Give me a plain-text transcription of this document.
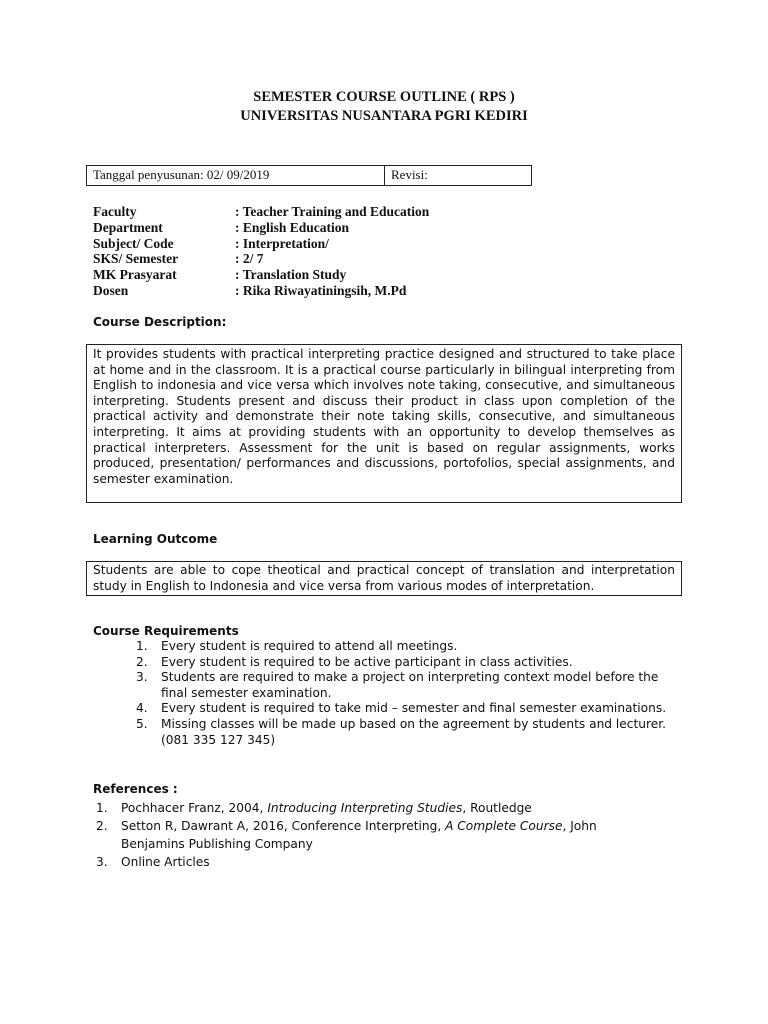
SEMESTER COURSE OUTLINE ( RPS )
UNIVERSITAS NUSANTARA PGRI KEDIRI
Tanggal penyusunan: 02/ 09/2019	Revisi:
Faculty	: Teacher Training and Education
Department	: English Education
Subject/ Code	: Interpretation/
SKS/ Semester	: 2/ 7
MK Prasyarat	: Translation Study
Dosen	: Rika Riwayatiningsih, M.Pd
Course Description:
It provides students with practical interpreting practice designed and structured to take place at home and in the classroom. It is a practical course particularly in bilingual interpreting from English to indonesia and vice versa which involves note taking, consecutive, and simultaneous interpreting. Students present and discuss their product in class upon completion of the practical activity and demonstrate their note taking skills, consecutive, and simultaneous interpreting. It aims at providing students with an opportunity to develop themselves as practical interpreters. Assessment for the unit is based on regular assignments, works produced, presentation/ performances and discussions, portofolios, special assignments, and semester examination.
Learning Outcome
Students are able to cope theotical and practical concept of translation and interpretation study in English to Indonesia and vice versa from various modes of interpretation.
Course Requirements
1.	Every student is required to attend all meetings.
2.	Every student is required to be active participant in class activities.
3.	Students are required to make a project on interpreting context model before the final semester examination.
4.	Every student is required to take mid – semester and final semester examinations.
5.	Missing classes will be made up based on the agreement by students and lecturer. (081 335 127 345)
References :
1.	Pochhacer Franz, 2004, Introducing Interpreting Studies, Routledge
2.	Setton R, Dawrant A, 2016, Conference Interpreting, A Complete Course, John Benjamins Publishing Company
3.	Online Articles
